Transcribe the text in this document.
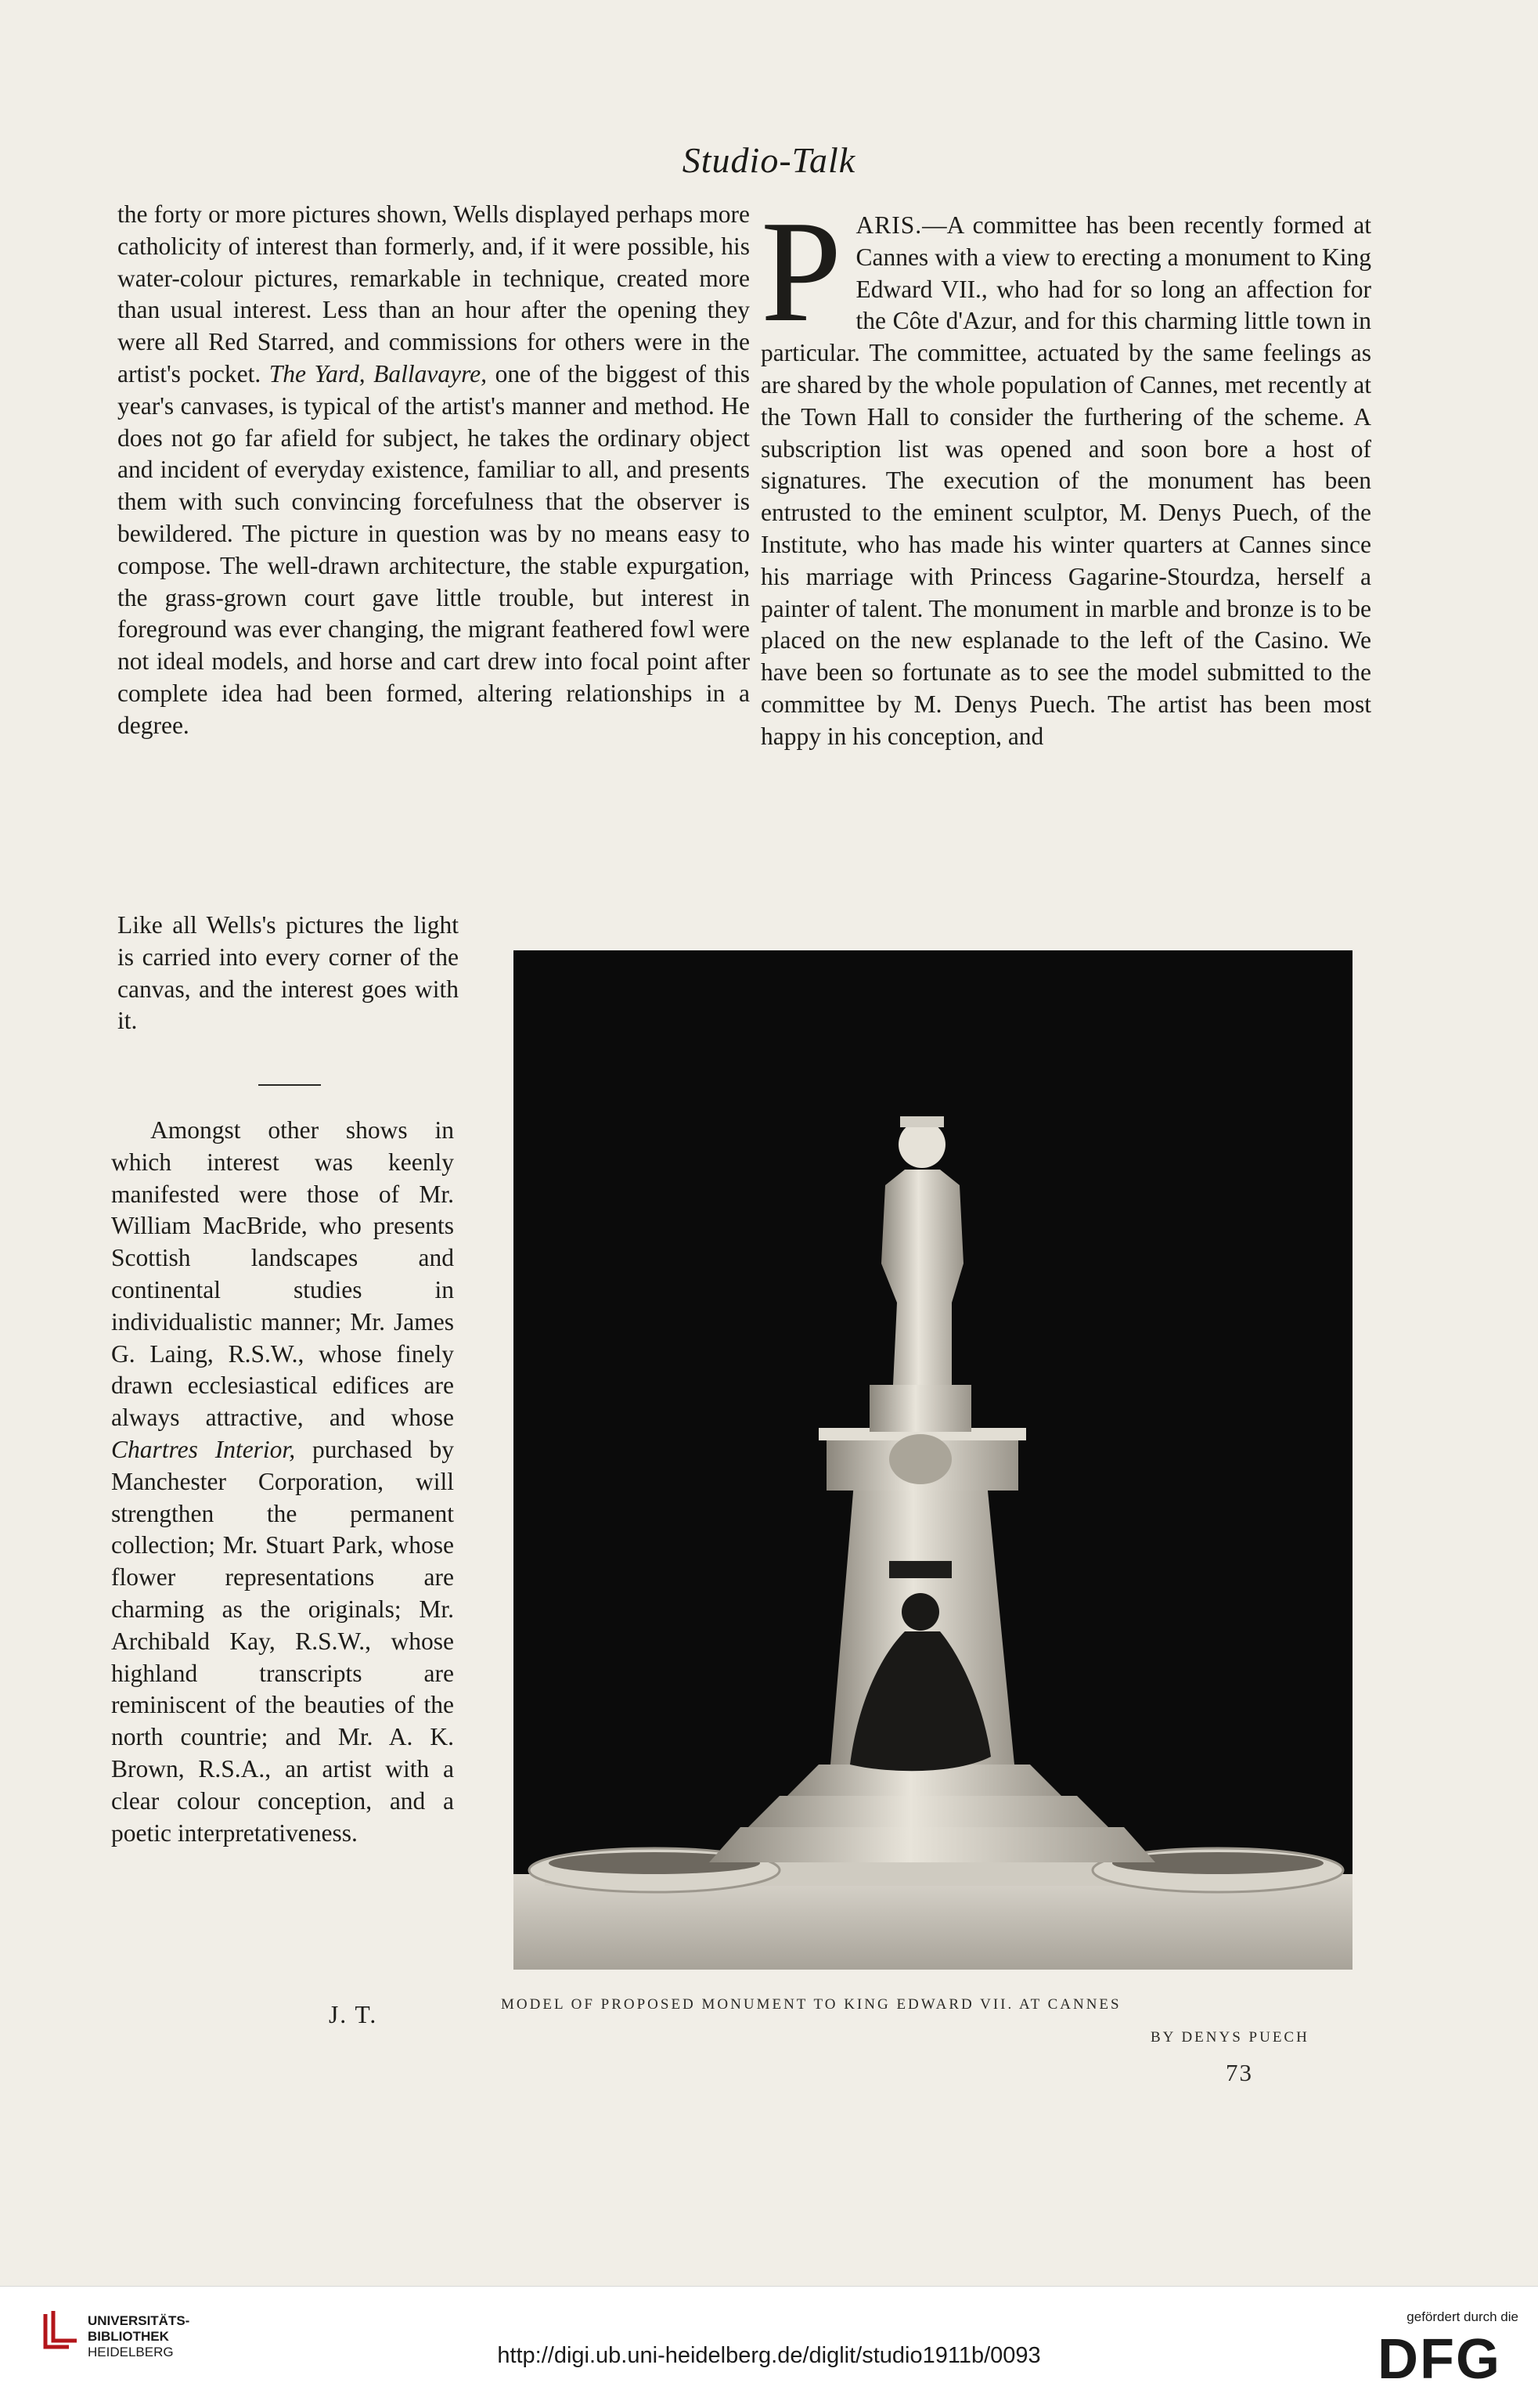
Studio-Talk

the forty or more pictures shown, Wells displayed perhaps more catholicity of interest than formerly, and, if it were possible, his water-colour pictures, remarkable in technique, created more than usual interest. Less than an hour after the opening they were all Red Starred, and commissions for others were in the artist's pocket. The Yard, Ballavayre, one of the biggest of this year's canvases, is typical of the artist's manner and method. He does not go far afield for subject, he takes the ordinary object and incident of everyday existence, familiar to all, and presents them with such convincing forcefulness that the observer is bewildered. The picture in question was by no means easy to compose. The well-drawn architecture, the stable expurgation, the grass-grown court gave little trouble, but interest in foreground was ever changing, the migrant feathered fowl were not ideal models, and horse and cart drew into focal point after complete idea had been formed, altering relationships in a degree.

Like all Wells's pictures the light is carried into every corner of the canvas, and the interest goes with it.

Amongst other shows in which interest was keenly manifested were those of Mr. William MacBride, who presents Scottish landscapes and continental studies in individualistic manner; Mr. James G. Laing, R.S.W., whose finely drawn ecclesiastical edifices are always attractive, and whose Chartres Interior, purchased by Manchester Corporation, will strengthen the permanent collection; Mr. Stuart Park, whose flower representations are charming as the originals; Mr. Archibald Kay, R.S.W., whose highland transcripts are reminiscent of the beauties of the north countrie; and Mr. A. K. Brown, R.S.A., an artist with a clear colour conception, and a poetic interpretativeness.

J. T.

PARIS.—A committee has been recently formed at Cannes with a view to erecting a monument to King Edward VII., who had for so long an affection for the Côte d'Azur, and for this charming little town in particular. The committee, actuated by the same feelings as are shared by the whole population of Cannes, met recently at the Town Hall to consider the furthering of the scheme. A subscription list was opened and soon bore a host of signatures. The execution of the monument has been entrusted to the eminent sculptor, M. Denys Puech, of the Institute, who has made his winter quarters at Cannes since his marriage with Princess Gagarine-Stourdza, herself a painter of talent. The monument in marble and bronze is to be placed on the new esplanade to the left of the Casino. We have been so fortunate as to see the model submitted to the committee by M. Denys Puech. The artist has been most happy in his conception, and

MODEL OF PROPOSED MONUMENT TO KING EDWARD VII. AT CANNES
BY DENYS PUECH
73
UNIVERSITÄTS-
BIBLIOTHEK
HEIDELBERG	http://digi.ub.uni-heidelberg.de/diglit/studio1911b/0093
gefördert durch die
DFG
